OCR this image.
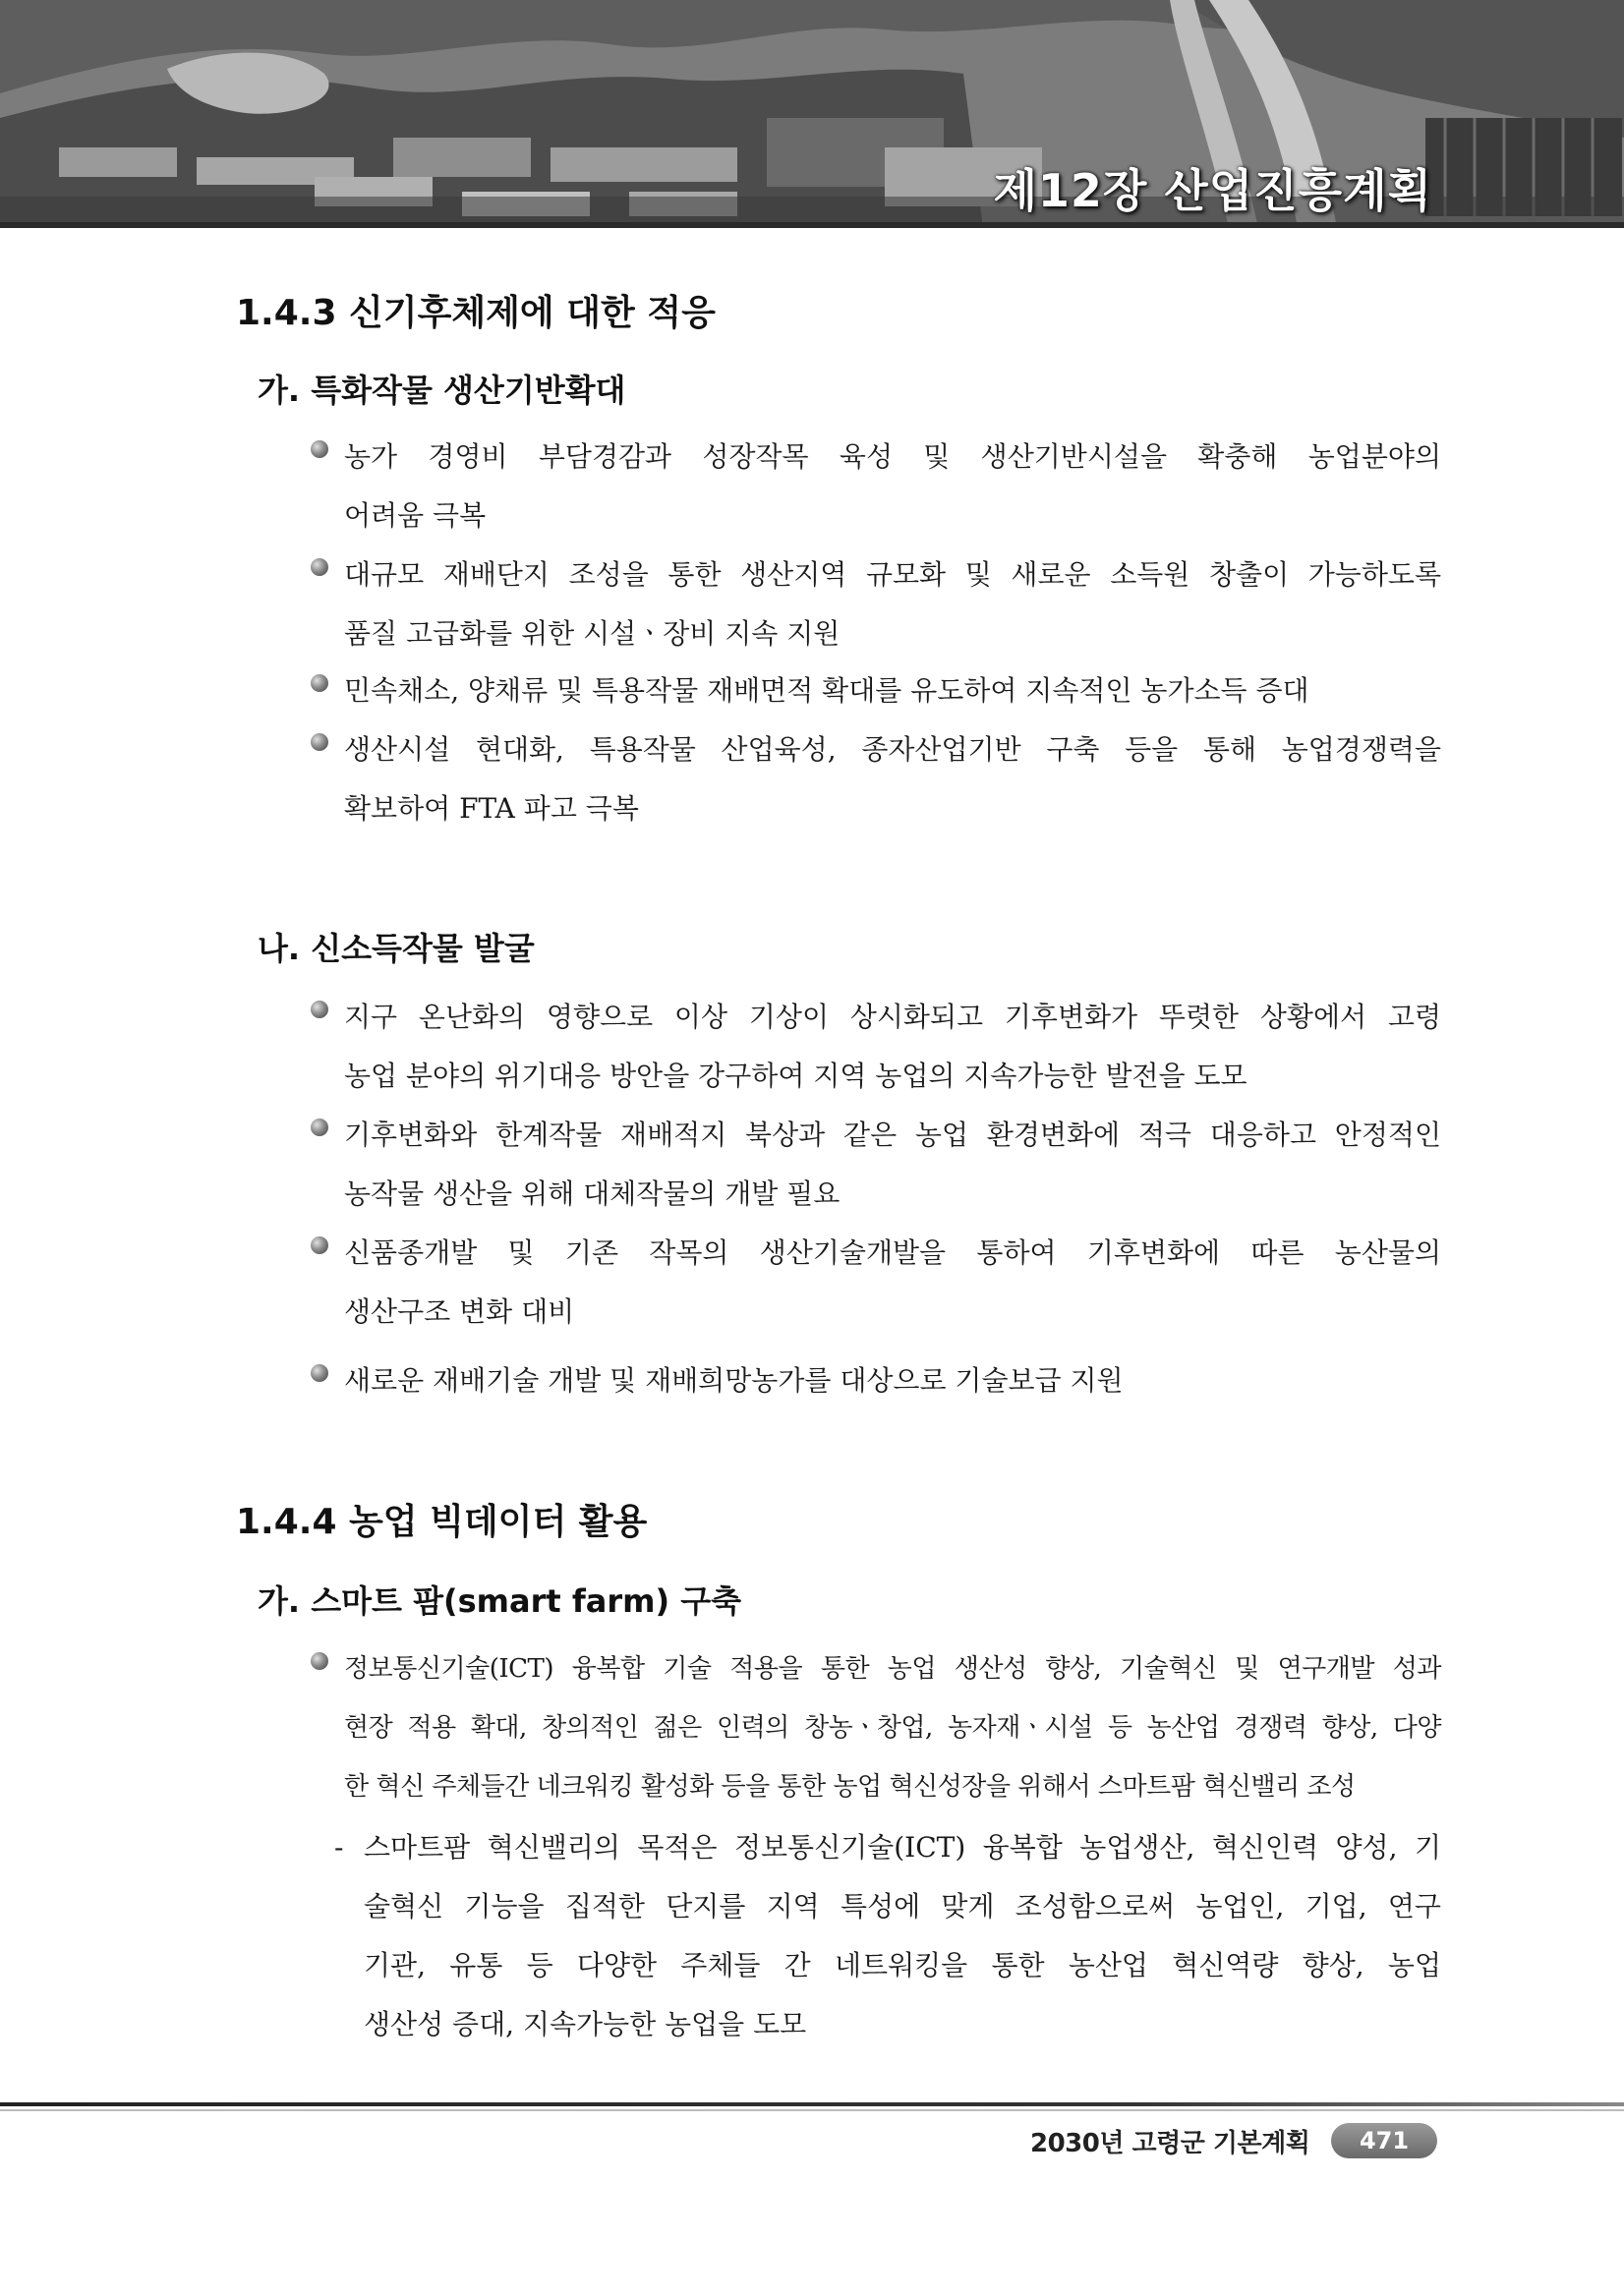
제12장 산업진흥계획
1.4.3 신기후체제에 대한 적응
가. 특화작물 생산기반확대
농가 경영비 부담경감과 성장작목 육성 및 생산기반시설을 확충해 농업분야의
어려움 극복
대규모 재배단지 조성을 통한 생산지역 규모화 및 새로운 소득원 창출이 가능하도록
품질 고급화를 위한 시설ㆍ장비 지속 지원
민속채소, 양채류 및 특용작물 재배면적 확대를 유도하여 지속적인 농가소득 증대
생산시설 현대화, 특용작물 산업육성, 종자산업기반 구축 등을 통해 농업경쟁력을
확보하여 FTA 파고 극복
나. 신소득작물 발굴
지구 온난화의 영향으로 이상 기상이 상시화되고 기후변화가 뚜렷한 상황에서 고령
농업 분야의 위기대응 방안을 강구하여 지역 농업의 지속가능한 발전을 도모
기후변화와 한계작물 재배적지 북상과 같은 농업 환경변화에 적극 대응하고 안정적인
농작물 생산을 위해 대체작물의 개발 필요
신품종개발 및 기존 작목의 생산기술개발을 통하여 기후변화에 따른 농산물의
생산구조 변화 대비
새로운 재배기술 개발 및 재배희망농가를 대상으로 기술보급 지원
1.4.4 농업 빅데이터 활용
가. 스마트 팜(smart farm) 구축
정보통신기술(ICT) 융복합 기술 적용을 통한 농업 생산성 향상, 기술혁신 및 연구개발 성과
현장 적용 확대, 창의적인 젊은 인력의 창농ㆍ창업, 농자재ㆍ시설 등 농산업 경쟁력 향상, 다양
한 혁신 주체들간 네크워킹 활성화 등을 통한 농업 혁신성장을 위해서 스마트팜 혁신밸리 조성
- 스마트팜 혁신밸리의 목적은 정보통신기술(ICT) 융복합 농업생산, 혁신인력 양성, 기
술혁신 기능을 집적한 단지를 지역 특성에 맞게 조성함으로써 농업인, 기업, 연구
기관, 유통 등 다양한 주체들 간 네트워킹을 통한 농산업 혁신역량 향상, 농업
생산성 증대, 지속가능한 농업을 도모
2030년 고령군 기본계획	471
